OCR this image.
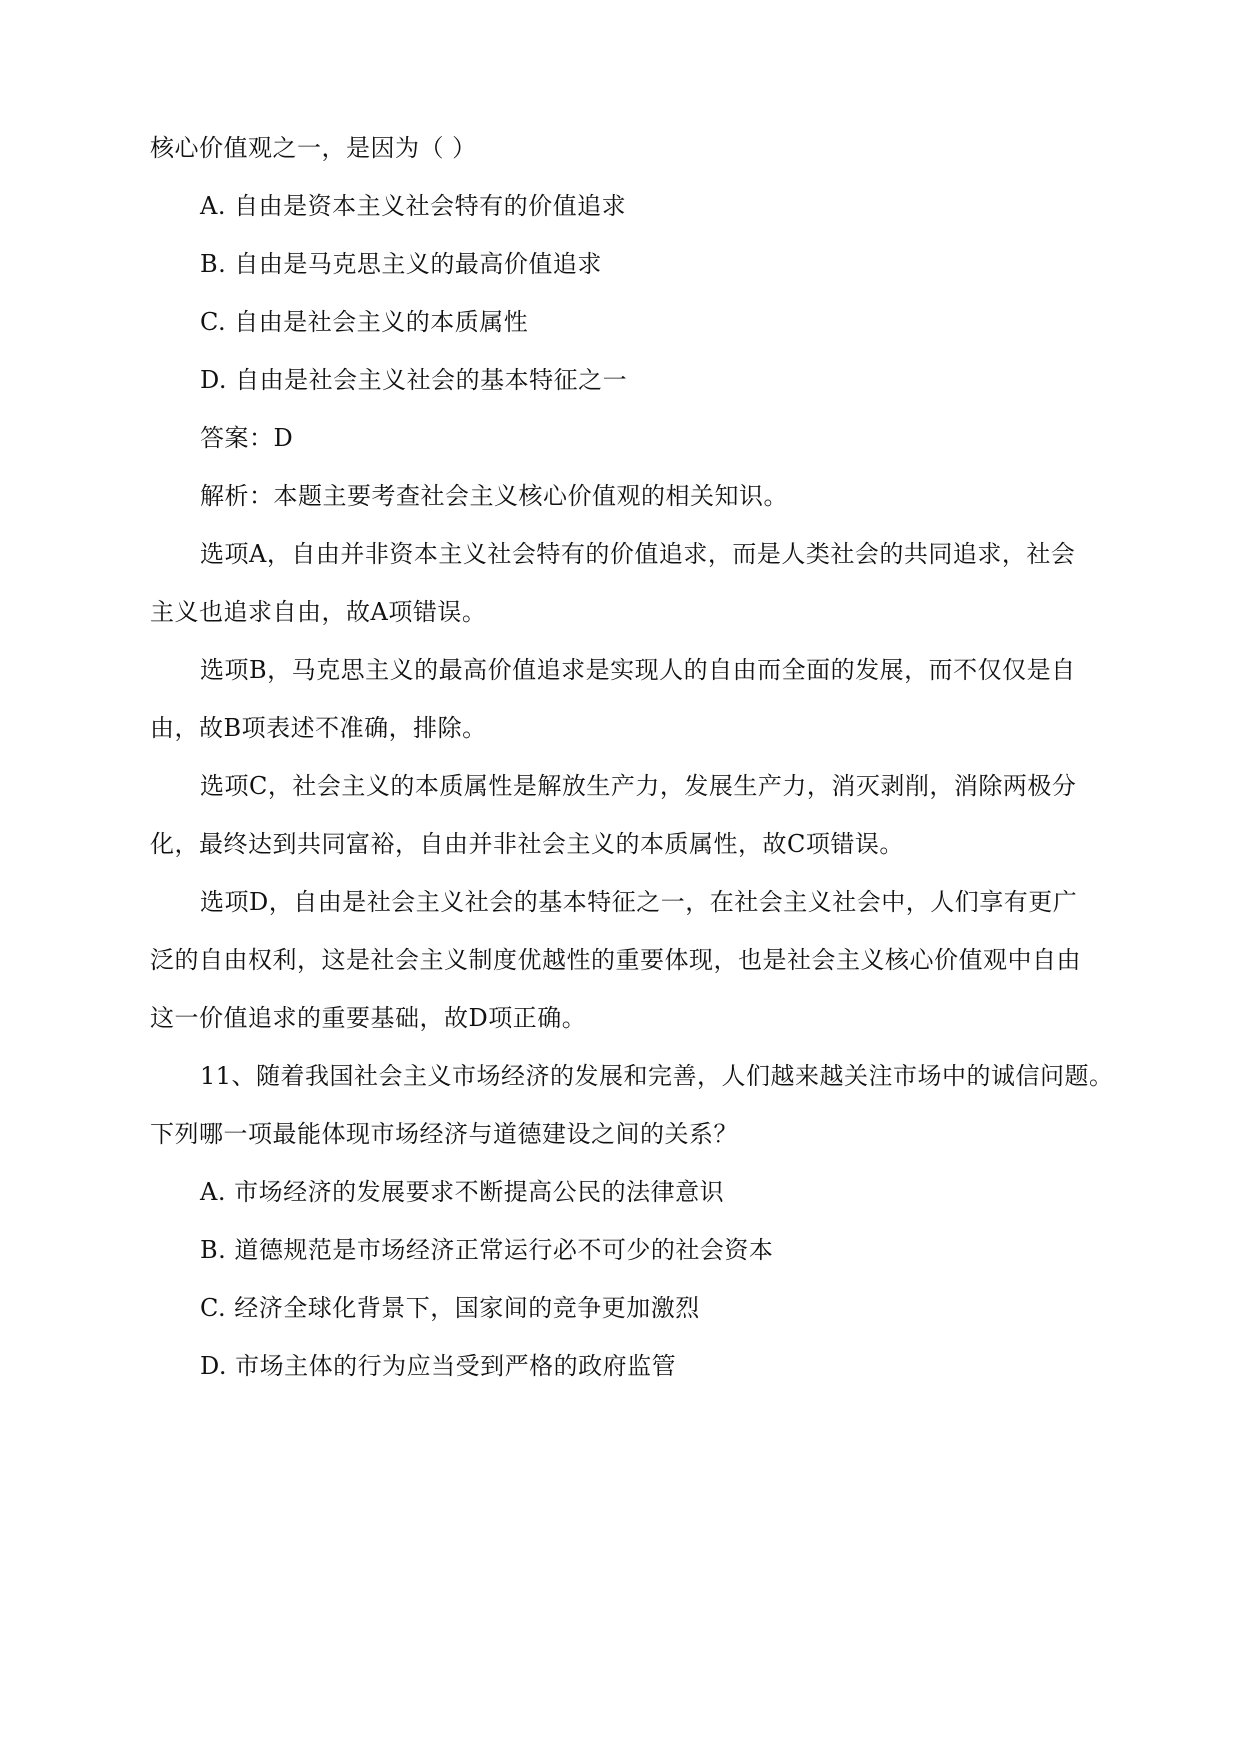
核心价值观之一，是因为（ ）
A. 自由是资本主义社会特有的价值追求
B. 自由是马克思主义的最高价值追求
C. 自由是社会主义的本质属性
D. 自由是社会主义社会的基本特征之一
答案：D
解析：本题主要考查社会主义核心价值观的相关知识。
选项A，自由并非资本主义社会特有的价值追求，而是人类社会的共同追求，社会
主义也追求自由，故A项错误。
选项B，马克思主义的最高价值追求是实现人的自由而全面的发展，而不仅仅是自
由，故B项表述不准确，排除。
选项C，社会主义的本质属性是解放生产力，发展生产力，消灭剥削，消除两极分
化，最终达到共同富裕，自由并非社会主义的本质属性，故C项错误。
选项D，自由是社会主义社会的基本特征之一，在社会主义社会中，人们享有更广
泛的自由权利，这是社会主义制度优越性的重要体现，也是社会主义核心价值观中自由
这一价值追求的重要基础，故D项正确。
11、随着我国社会主义市场经济的发展和完善，人们越来越关注市场中的诚信问题。
下列哪一项最能体现市场经济与道德建设之间的关系？
A. 市场经济的发展要求不断提高公民的法律意识
B. 道德规范是市场经济正常运行必不可少的社会资本
C. 经济全球化背景下，国家间的竞争更加激烈
D. 市场主体的行为应当受到严格的政府监管
